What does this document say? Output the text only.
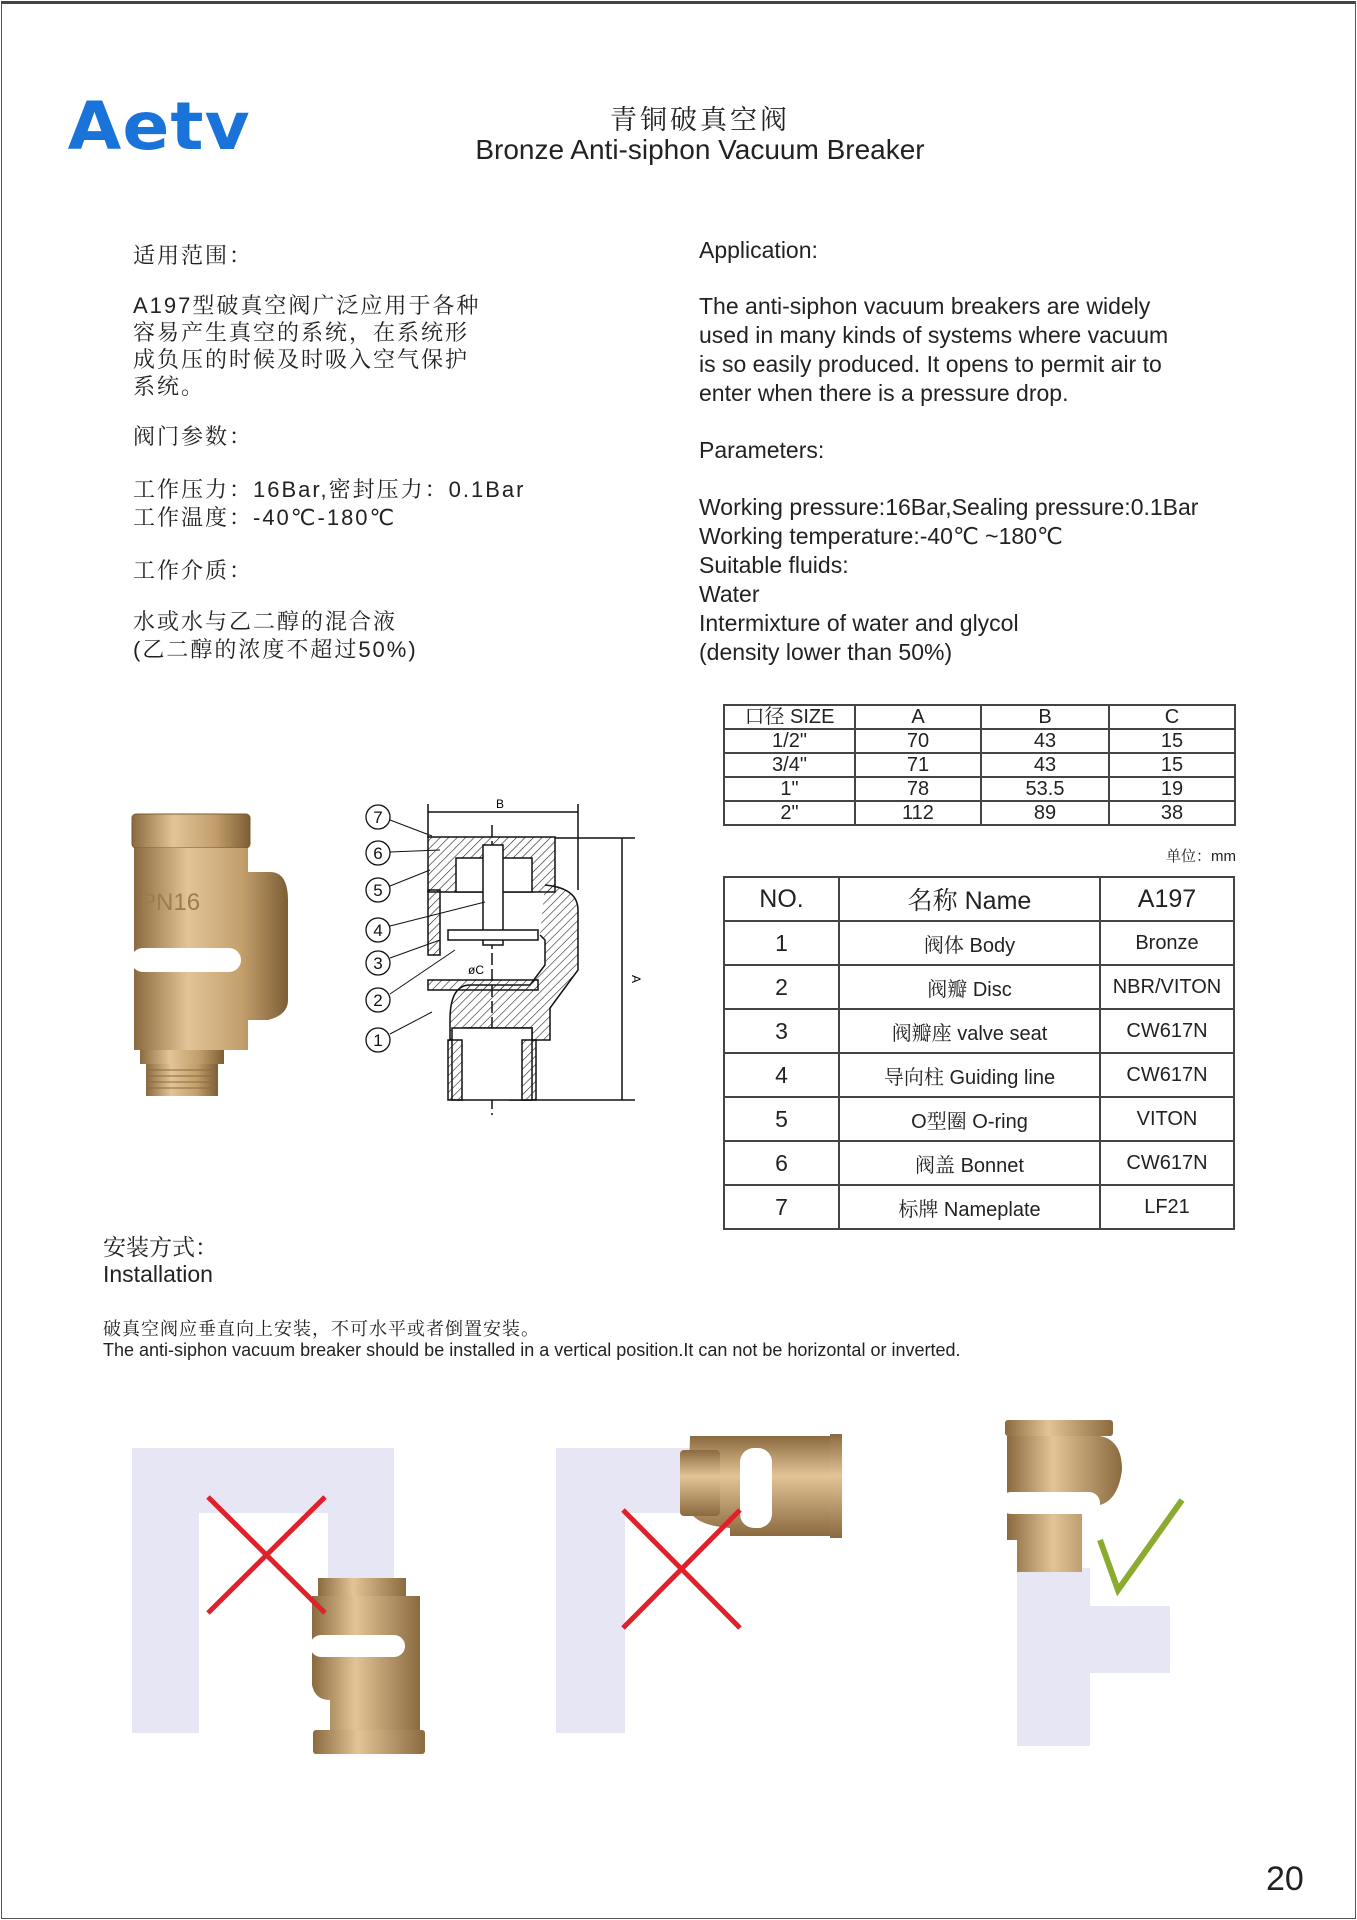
Aetv	青铜破真空阀
Bronze Anti-siphon Vacuum Breaker
适用范围：
A197型破真空阀广泛应用于各种
容易产生真空的系统，在系统形
成负压的时候及时吸入空气保护
系统。
阀门参数：
工作压力：16Bar,密封压力：0.1Bar
工作温度：-40℃-180℃
工作介质：
水或水与乙二醇的混合液
(乙二醇的浓度不超过50%)
Application:
The anti-siphon vacuum breakers are widely
used in many kinds of systems where vacuum
is so easily produced. It opens to permit air to
enter when there is a pressure drop.
Parameters:
Working pressure:16Bar,Sealing pressure:0.1Bar
Working temperature:-40℃ ~180℃
Suitable fluids:
Water
Intermixture of water and glycol
(density lower than 50%)
口径 SIZE	A	B	C
1/2"	70	43	15
3/4"	71	43	15
1"	78	53.5	19
2"	112	89	38
单位：mm
NO.	名称 Name	A197
1	阀体 Body	Bronze
2	阀瓣 Disc	NBR/VITON
3	阀瓣座 valve seat	CW617N
4	导向柱 Guiding line	CW617N
5	O型圈 O-ring	VITON
6	阀盖 Bonnet	CW617N
7	标牌 Nameplate	LF21
PN16
B
A
øC
7
6
5
4
3
2
1
安装方式：
Installation
破真空阀应垂直向上安装，不可水平或者倒置安装。
The anti-siphon vacuum breaker should be installed in a vertical position.It can not be horizontal or inverted.
20
